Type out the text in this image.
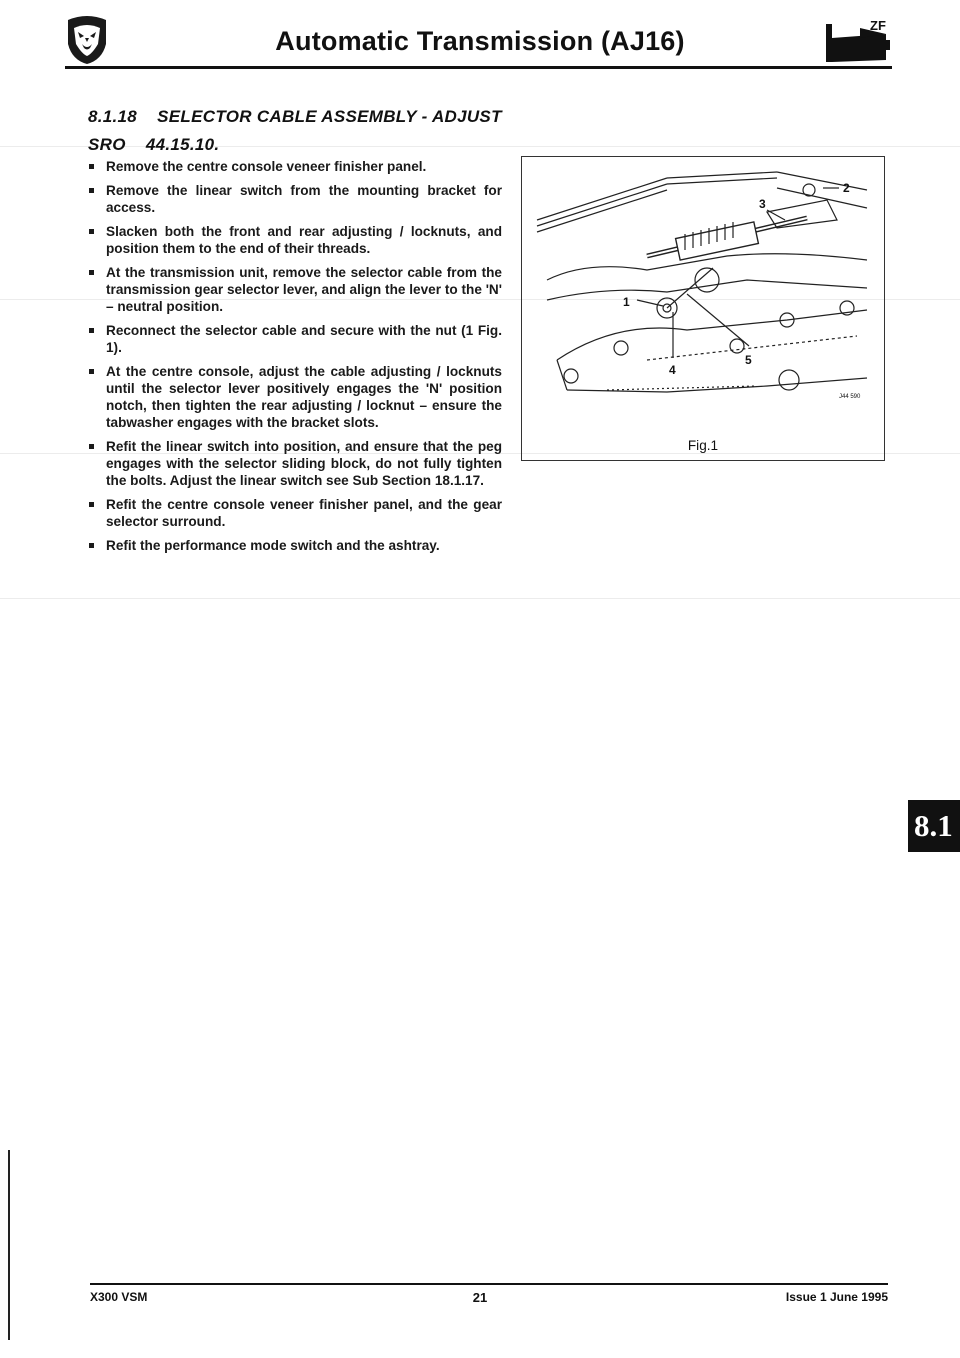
Automatic Transmission (AJ16)
ZF
8.1.18    SELECTOR CABLE ASSEMBLY - ADJUST
SRO    44.15.10.
Remove the centre console veneer finisher panel.
Remove the linear switch from the mounting bracket for access.
Slacken both the front and rear adjusting / locknuts, and position them to the end of their threads.
At the transmission unit, remove the selector cable from the transmission gear selector lever, and align the lever to the 'N' – neutral position.
Reconnect the selector cable and secure with the nut (1 Fig. 1).
At the centre console, adjust the cable adjusting / locknuts until the selector lever positively engages the 'N' position notch, then tighten the rear adjusting / locknut – ensure the tabwasher engages with the bracket slots.
Refit the linear switch into position, and ensure that the peg engages with the selector sliding block, do not fully tighten the bolts. Adjust the linear switch see Sub Section 18.1.17.
Refit the centre console veneer finisher panel, and the gear selector surround.
Refit the performance mode switch and the ashtray.
1
2
3
4
5
J44 590
Fig.1
8.1
X300 VSM	21	Issue 1 June 1995
